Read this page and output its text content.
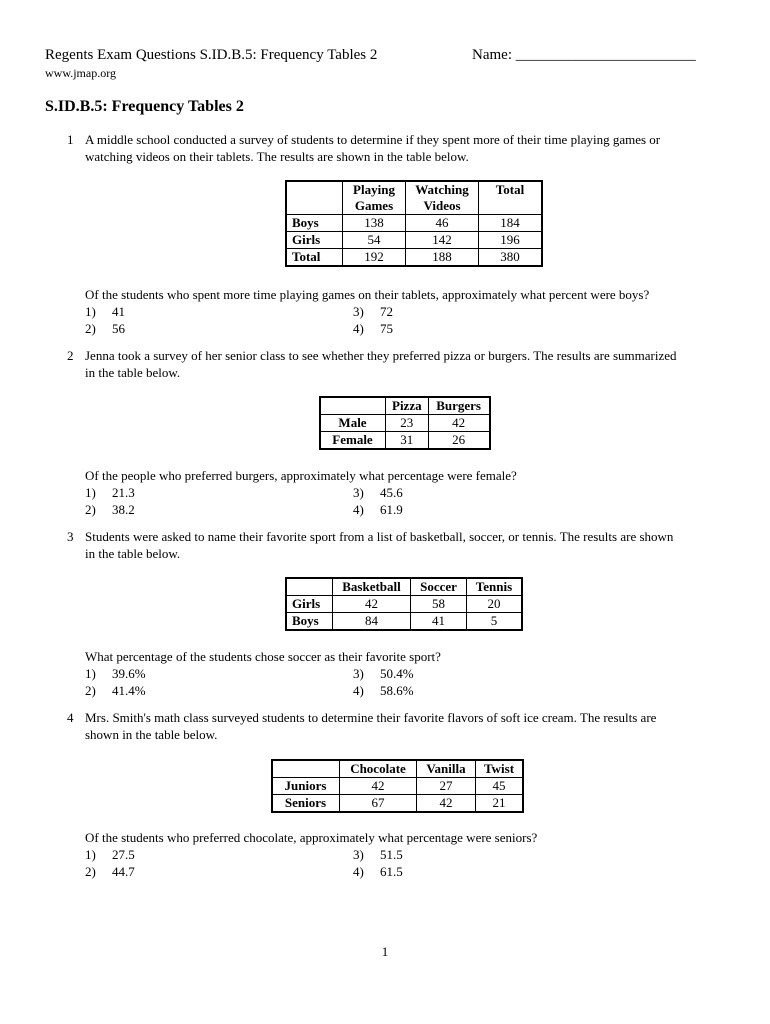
Regents Exam Questions S.ID.B.5: Frequency Tables 2	Name: ________________________
www.jmap.org
S.ID.B.5: Frequency Tables 2
1 A middle school conducted a survey of students to determine if they spent more of their time playing games or
watching videos on their tablets. The results are shown in the table below.
	Playing Games	Watching Videos	Total
Boys	138	46	184
Girls	54	142	196
Total	192	188	380
Of the students who spent more time playing games on their tablets, approximately what percent were boys?
1) 41	3) 72
2) 56	4) 75
2 Jenna took a survey of her senior class to see whether they preferred pizza or burgers. The results are summarized
in the table below.
	Pizza	Burgers
Male	23	42
Female	31	26
Of the people who preferred burgers, approximately what percentage were female?
1) 21.3	3) 45.6
2) 38.2	4) 61.9
3 Students were asked to name their favorite sport from a list of basketball, soccer, or tennis. The results are shown
in the table below.
	Basketball	Soccer	Tennis
Girls	42	58	20
Boys	84	41	5
What percentage of the students chose soccer as their favorite sport?
1) 39.6%	3) 50.4%
2) 41.4%	4) 58.6%
4 Mrs. Smith's math class surveyed students to determine their favorite flavors of soft ice cream. The results are
shown in the table below.
	Chocolate	Vanilla	Twist
Juniors	42	27	45
Seniors	67	42	21
Of the students who preferred chocolate, approximately what percentage were seniors?
1) 27.5	3) 51.5
2) 44.7	4) 61.5
1
